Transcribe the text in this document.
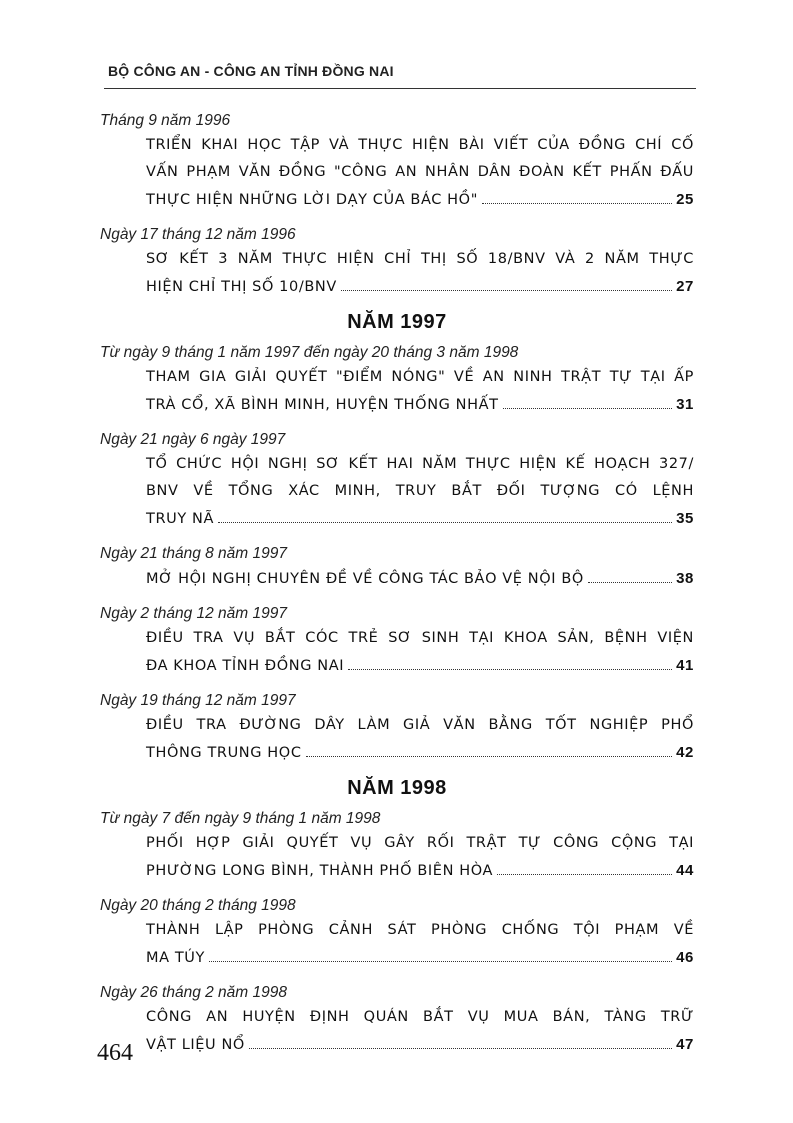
BỘ CÔNG AN - CÔNG AN TỈNH ĐỒNG NAI
Tháng 9 năm 1996
TRIỂN KHAI HỌC TẬP VÀ THỰC HIỆN BÀI VIẾT CỦA ĐỒNG CHÍ CỐ
VẤN PHẠM VĂN ĐỒNG "CÔNG AN NHÂN DÂN ĐOÀN KẾT PHẤN ĐẤU
THỰC HIỆN NHỮNG LỜI DẠY CỦA BÁC HỒ"	25
Ngày 17 tháng 12 năm 1996
SƠ KẾT 3 NĂM THỰC HIỆN CHỈ THỊ SỐ 18/BNV VÀ 2 NĂM THỰC
HIỆN CHỈ THỊ SỐ 10/BNV	27
NĂM 1997
Từ ngày 9 tháng 1 năm 1997 đến ngày 20 tháng 3 năm 1998
THAM GIA GIẢI QUYẾT "ĐIỂM NÓNG" VỀ AN NINH TRẬT TỰ TẠI ẤP
TRÀ CỔ, XÃ BÌNH MINH, HUYỆN THỐNG NHẤT	31
Ngày 21 ngày 6 ngày 1997
TỔ CHỨC HỘI NGHỊ SƠ KẾT HAI NĂM THỰC HIỆN KẾ HOẠCH 327/
BNV VỀ TỔNG XÁC MINH, TRUY BẮT ĐỐI TƯỢNG CÓ LỆNH
TRUY NÃ	35
Ngày 21 tháng 8 năm 1997
MỞ HỘI NGHỊ CHUYÊN ĐỀ VỀ CÔNG TÁC BẢO VỆ NỘI BỘ	38
Ngày 2 tháng 12 năm 1997
ĐIỀU TRA VỤ BẮT CÓC TRẺ SƠ SINH TẠI KHOA SẢN, BỆNH VIỆN
ĐA KHOA TỈNH ĐỒNG NAI	41
Ngày 19 tháng 12 năm 1997
ĐIỀU TRA ĐƯỜNG DÂY LÀM GIẢ VĂN BẰNG TỐT NGHIỆP PHỔ
THÔNG TRUNG HỌC	42
NĂM 1998
Từ ngày 7 đến ngày 9 tháng 1 năm 1998
PHỐI HỢP GIẢI QUYẾT VỤ GÂY RỐI TRẬT TỰ CÔNG CỘNG TẠI
PHƯỜNG LONG BÌNH, THÀNH PHỐ BIÊN HÒA	44
Ngày 20 tháng 2 tháng 1998
THÀNH LẬP PHÒNG CẢNH SÁT PHÒNG CHỐNG TỘI PHẠM VỀ
MA TÚY	46
Ngày 26 tháng 2 năm 1998
CÔNG AN HUYỆN ĐỊNH QUÁN BẮT VỤ MUA BÁN, TÀNG TRỮ
VẬT LIỆU NỔ	47
464
